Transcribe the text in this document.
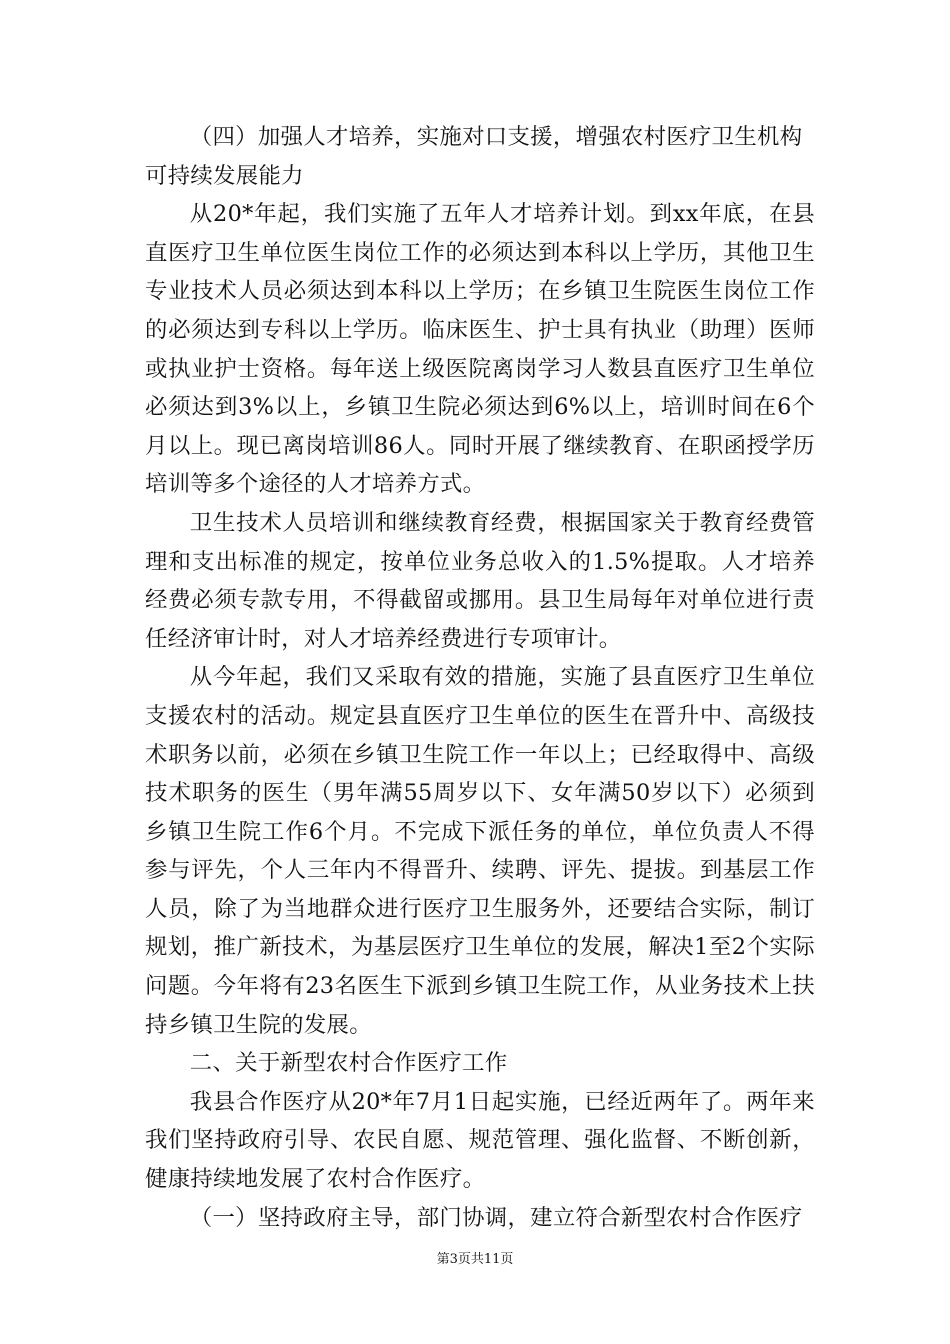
（四）加强人才培养，实施对口支援，增强农村医疗卫生机构可持续发展能力

从20*年起，我们实施了五年人才培养计划。到xx年底，在县直医疗卫生单位医生岗位工作的必须达到本科以上学历，其他卫生专业技术人员必须达到本科以上学历；在乡镇卫生院医生岗位工作的必须达到专科以上学历。临床医生、护士具有执业（助理）医师或执业护士资格。每年送上级医院离岗学习人数县直医疗卫生单位必须达到3%以上，乡镇卫生院必须达到6%以上，培训时间在6个月以上。现已离岗培训86人。同时开展了继续教育、在职函授学历培训等多个途径的人才培养方式。

卫生技术人员培训和继续教育经费，根据国家关于教育经费管理和支出标准的规定，按单位业务总收入的1.5%提取。人才培养经费必须专款专用，不得截留或挪用。县卫生局每年对单位进行责任经济审计时，对人才培养经费进行专项审计。

从今年起，我们又采取有效的措施，实施了县直医疗卫生单位支援农村的活动。规定县直医疗卫生单位的医生在晋升中、高级技术职务以前，必须在乡镇卫生院工作一年以上；已经取得中、高级技术职务的医生（男年满55周岁以下、女年满50岁以下）必须到乡镇卫生院工作6个月。不完成下派任务的单位，单位负责人不得参与评先，个人三年内不得晋升、续聘、评先、提拔。到基层工作人员，除了为当地群众进行医疗卫生服务外，还要结合实际，制订规划，推广新技术，为基层医疗卫生单位的发展，解决1至2个实际问题。今年将有23名医生下派到乡镇卫生院工作，从业务技术上扶持乡镇卫生院的发展。

二、关于新型农村合作医疗工作

我县合作医疗从20*年7月1日起实施，已经近两年了。两年来我们坚持政府引导、农民自愿、规范管理、强化监督、不断创新，健康持续地发展了农村合作医疗。

（一）坚持政府主导，部门协调，建立符合新型农村合作医疗

第3页共11页
